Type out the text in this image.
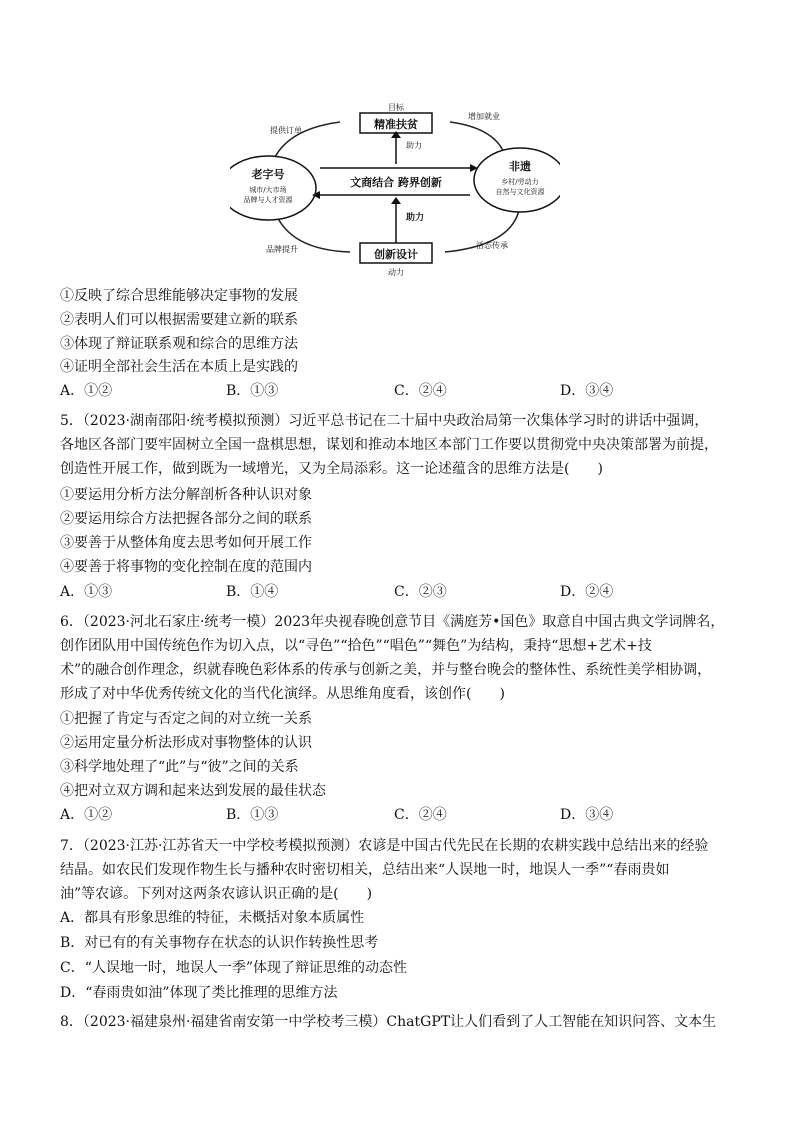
目标
精准扶贫
增加就业
提供订单
助力
老字号
城市/大市场
品牌与人才资源
非遗
乡村/劳动力
自然与文化资源
文商结合 跨界创新
助力
创新设计
动力
品牌提升	活态传承
①反映了综合思维能够决定事物的发展
②表明人们可以根据需要建立新的联系
③体现了辩证联系观和综合的思维方法
④证明全部社会生活在本质上是实践的
A．①②	B．①③	C．②④	D．③④
5．（2023·湖南邵阳·统考模拟预测）习近平总书记在二十届中央政治局第一次集体学习时的讲话中强调，
各地区各部门要牢固树立全国一盘棋思想，谋划和推动本地区本部门工作要以贯彻党中央决策部署为前提，
创造性开展工作，做到既为一域增光，又为全局添彩。这一论述蕴含的思维方法是(　　)
①要运用分析方法分解剖析各种认识对象
②要运用综合方法把握各部分之间的联系
③要善于从整体角度去思考如何开展工作
④要善于将事物的变化控制在度的范围内
A．①③	B．①④	C．②③	D．②④
6．（2023·河北石家庄·统考一模）2023年央视春晚创意节目《满庭芳•国色》取意自中国古典文学词牌名，
创作团队用中国传统色作为切入点，以“寻色”“拾色”“唱色”“舞色”为结构，秉持“思想+艺术+技
术”的融合创作理念，织就春晚色彩体系的传承与创新之美，并与整台晚会的整体性、系统性美学相协调，
形成了对中华优秀传统文化的当代化演绎。从思维角度看，该创作(　　)
①把握了肯定与否定之间的对立统一关系
②运用定量分析法形成对事物整体的认识
③科学地处理了“此”与“彼”之间的关系
④把对立双方调和起来达到发展的最佳状态
A．①②	B．①③	C．②④	D．③④
7．（2023·江苏·江苏省天一中学校考模拟预测）农谚是中国古代先民在长期的农耕实践中总结出来的经验
结晶。如农民们发现作物生长与播种农时密切相关，总结出来“人误地一时，地误人一季”“春雨贵如
油”等农谚。下列对这两条农谚认识正确的是(　　)
A．都具有形象思维的特征，未概括对象本质属性
B．对已有的有关事物存在状态的认识作转换性思考
C．“人误地一时，地误人一季”体现了辩证思维的动态性
D．“春雨贵如油”体现了类比推理的思维方法
8．（2023·福建泉州·福建省南安第一中学校考三模）ChatGPT让人们看到了人工智能在知识问答、文本生
